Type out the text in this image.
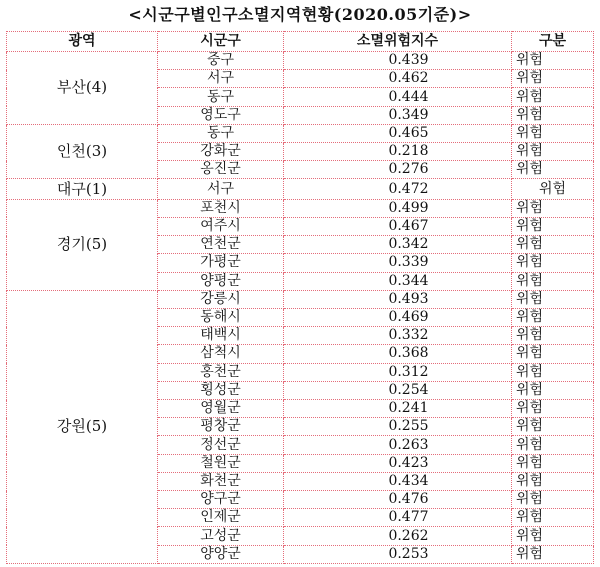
<시군구별인구소멸지역현황(2020.05기준)>
광역	시군구	소멸위험지수	구분
부산(4)	중구	0.439	위험
	서구	0.462	위험
	동구	0.444	위험
	영도구	0.349	위험
인천(3)	동구	0.465	위험
	강화군	0.218	위험
	옹진군	0.276	위험
대구(1)	서구	0.472	위험
경기(5)	포천시	0.499	위험
	여주시	0.467	위험
	연천군	0.342	위험
	가평군	0.339	위험
	양평군	0.344	위험
강원(5)	강릉시	0.493	위험
	동해시	0.469	위험
	태백시	0.332	위험
	삼척시	0.368	위험
	홍천군	0.312	위험
	횡성군	0.254	위험
	영월군	0.241	위험
	평창군	0.255	위험
	정선군	0.263	위험
	철원군	0.423	위험
	화천군	0.434	위험
	양구군	0.476	위험
	인제군	0.477	위험
	고성군	0.262	위험
	양양군	0.253	위험
